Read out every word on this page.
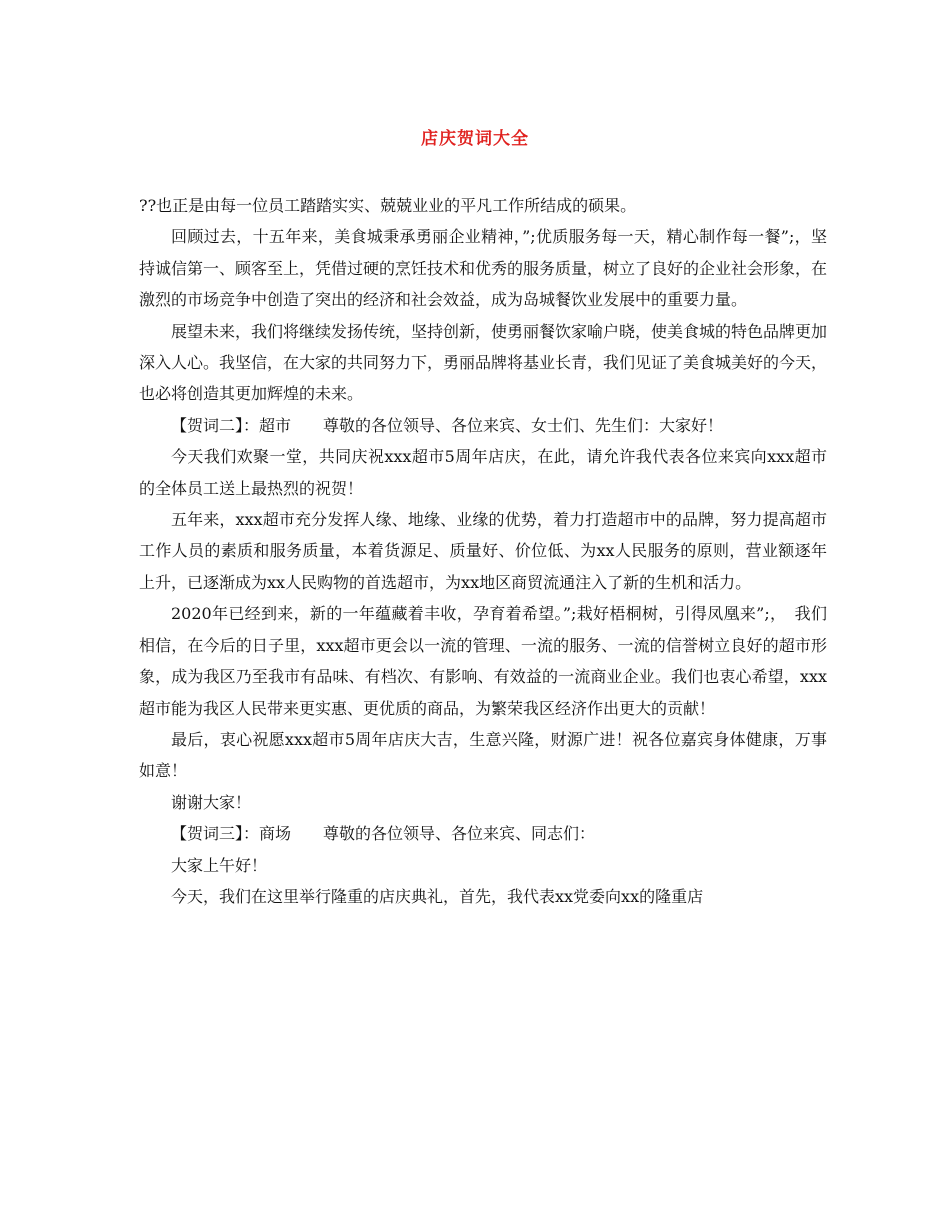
店庆贺词大全

??也正是由每一位员工踏踏实实、兢兢业业的平凡工作所结成的硕果。

回顾过去，十五年来，美食城秉承勇丽企业精神，”;优质服务每一天，精心制作每一餐”;，坚持诚信第一、顾客至上，凭借过硬的烹饪技术和优秀的服务质量，树立了良好的企业社会形象，在激烈的市场竞争中创造了突出的经济和社会效益，成为岛城餐饮业发展中的重要力量。

展望未来，我们将继续发扬传统，坚持创新，使勇丽餐饮家喻户晓，使美食城的特色品牌更加深入人心。我坚信，在大家的共同努力下，勇丽品牌将基业长青，我们见证了美食城美好的今天，也必将创造其更加辉煌的未来。

【贺词二】：超市　　尊敬的各位领导、各位来宾、女士们、先生们：大家好！

今天我们欢聚一堂，共同庆祝xxx超市5周年店庆，在此，请允许我代表各位来宾向xxx超市的全体员工送上最热烈的祝贺！

五年来，xxx超市充分发挥人缘、地缘、业缘的优势，着力打造超市中的品牌，努力提高超市工作人员的素质和服务质量，本着货源足、质量好、价位低、为xx人民服务的原则，营业额逐年上升，已逐渐成为xx人民购物的首选超市，为xx地区商贸流通注入了新的生机和活力。

2020年已经到来，新的一年蕴藏着丰收，孕育着希望。”;栽好梧桐树，引得凤凰来”;，　我们相信，在今后的日子里，xxx超市更会以一流的管理、一流的服务、一流的信誉树立良好的超市形象，成为我区乃至我市有品味、有档次、有影响、有效益的一流商业企业。我们也衷心希望，xxx超市能为我区人民带来更实惠、更优质的商品，为繁荣我区经济作出更大的贡献！

最后，衷心祝愿xxx超市5周年店庆大吉，生意兴隆，财源广进！祝各位嘉宾身体健康，万事如意！

谢谢大家！

【贺词三】：商场　　尊敬的各位领导、各位来宾、同志们：

大家上午好！

今天，我们在这里举行隆重的店庆典礼，首先，我代表xx党委向xx的隆重店
